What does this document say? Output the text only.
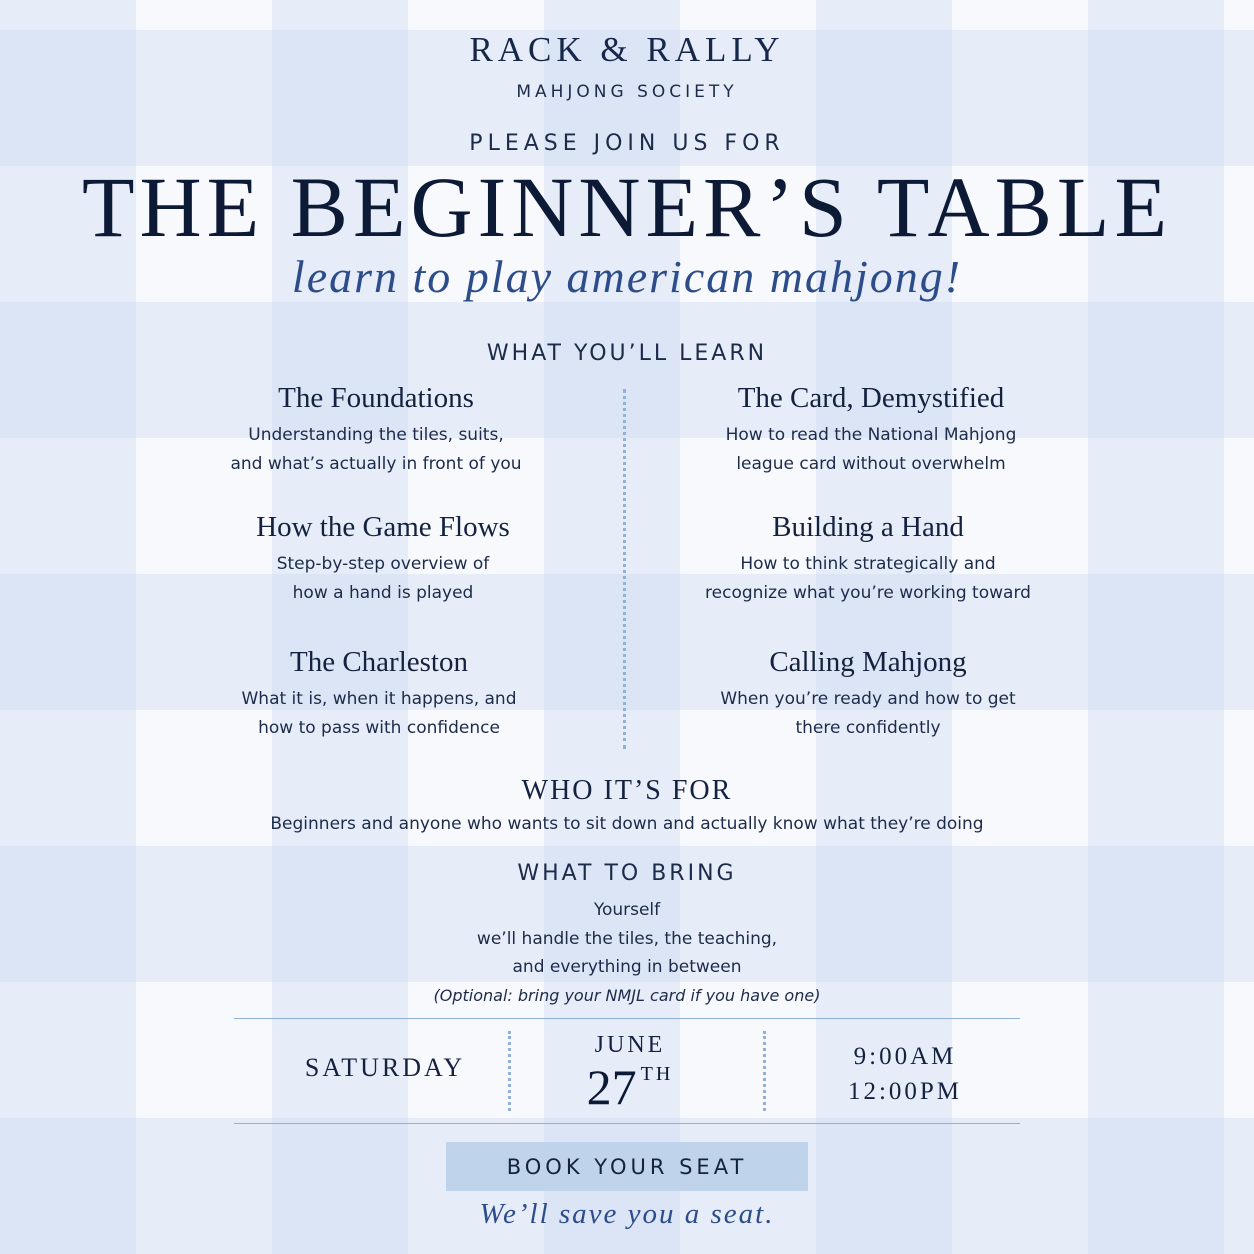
RACK & RALLY
MAHJONG SOCIETY
PLEASE JOIN US FOR
THE BEGINNER’S TABLE
learn to play american mahjong!
WHAT YOU’LL LEARN
The Foundations
Understanding the tiles, suits,
and what’s actually in front of you
The Card, Demystified
How to read the National Mahjong
league card without overwhelm
How the Game Flows
Step-by-step overview of
how a hand is played
Building a Hand
How to think strategically and
recognize what you’re working toward
The Charleston
What it is, when it happens, and
how to pass with confidence
Calling Mahjong
When you’re ready and how to get
there confidently
WHO IT’S FOR
Beginners and anyone who wants to sit down and actually know what they’re doing
WHAT TO BRING
Yourself
we’ll handle the tiles, the teaching,
and everything in between
(Optional: bring your NMJL card if you have one)
SATURDAY
JUNE
27 $^{TH}$
9:00AM
12:00PM
BOOK YOUR SEAT
We’ll save you a seat.
